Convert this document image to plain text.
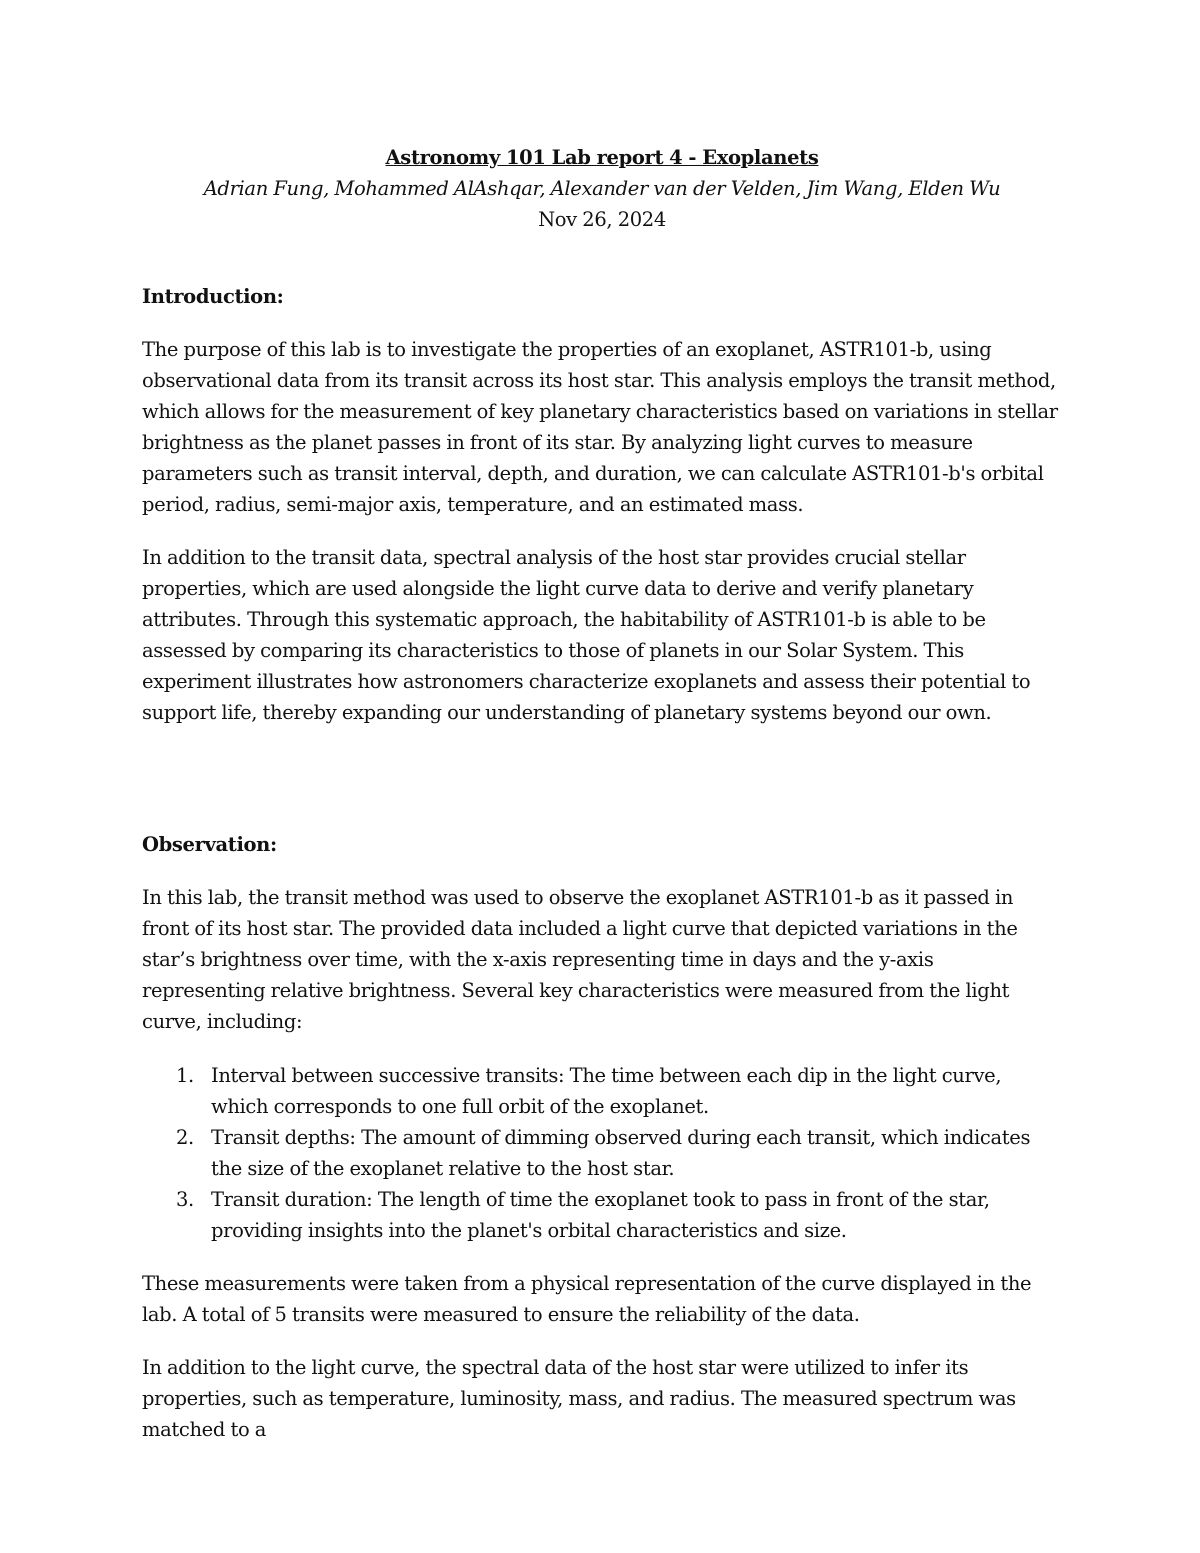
Astronomy 101 Lab report 4 - Exoplanets

Adrian Fung, Mohammed AlAshqar, Alexander van der Velden, Jim Wang, Elden Wu

Nov 26, 2024

Introduction:

The purpose of this lab is to investigate the properties of an exoplanet, ASTR101-b, using observational data from its transit across its host star. This analysis employs the transit method, which allows for the measurement of key planetary characteristics based on variations in stellar brightness as the planet passes in front of its star. By analyzing light curves to measure parameters such as transit interval, depth, and duration, we can calculate ASTR101-b's orbital period, radius, semi-major axis, temperature, and an estimated mass.

In addition to the transit data, spectral analysis of the host star provides crucial stellar properties, which are used alongside the light curve data to derive and verify planetary attributes. Through this systematic approach, the habitability of ASTR101-b is able to be assessed by comparing its characteristics to those of planets in our Solar System. This experiment illustrates how astronomers characterize exoplanets and assess their potential to support life, thereby expanding our understanding of planetary systems beyond our own.

Observation:

In this lab, the transit method was used to observe the exoplanet ASTR101-b as it passed in front of its host star. The provided data included a light curve that depicted variations in the star’s brightness over time, with the x-axis representing time in days and the y-axis representing relative brightness. Several key characteristics were measured from the light curve, including:

1. Interval between successive transits: The time between each dip in the light curve, which corresponds to one full orbit of the exoplanet.
2. Transit depths: The amount of dimming observed during each transit, which indicates the size of the exoplanet relative to the host star.
3. Transit duration: The length of time the exoplanet took to pass in front of the star, providing insights into the planet's orbital characteristics and size.

These measurements were taken from a physical representation of the curve displayed in the lab. A total of 5 transits were measured to ensure the reliability of the data.

In addition to the light curve, the spectral data of the host star were utilized to infer its properties, such as temperature, luminosity, mass, and radius. The measured spectrum was matched to a
